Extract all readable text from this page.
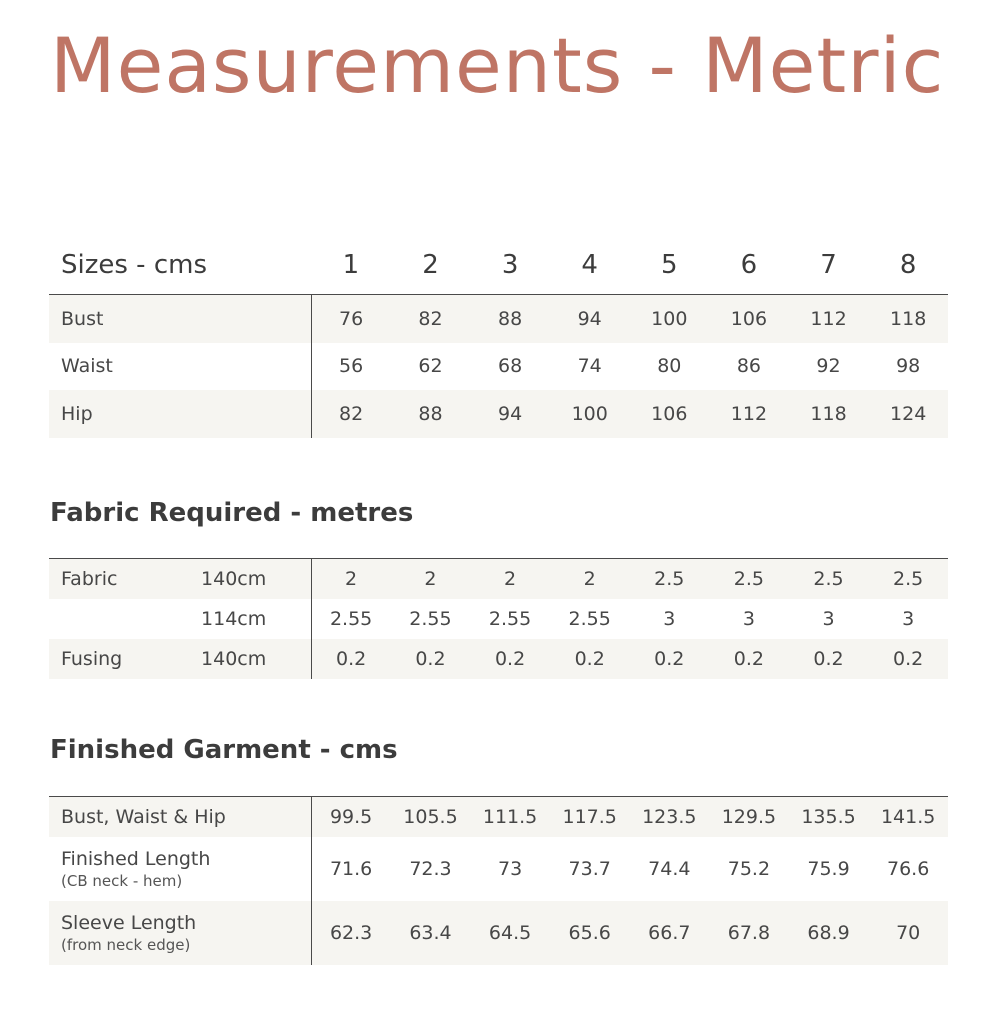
Measurements - Metric
Sizes - cms	1	2	3	4	5	6	7	8
Bust	76	82	88	94	100	106	112	118
Waist	56	62	68	74	80	86	92	98
Hip	82	88	94	100	106	112	118	124
Fabric Required - metres
Fabric	140cm	2	2	2	2	2.5	2.5	2.5	2.5
	114cm	2.55	2.55	2.55	2.55	3	3	3	3
Fusing	140cm	0.2	0.2	0.2	0.2	0.2	0.2	0.2	0.2
Finished Garment - cms
Bust, Waist & Hip	99.5	105.5	111.5	117.5	123.5	129.5	135.5	141.5
Finished Length
(CB neck - hem)	71.6	72.3	73	73.7	74.4	75.2	75.9	76.6
Sleeve Length
(from neck edge)	62.3	63.4	64.5	65.6	66.7	67.8	68.9	70
